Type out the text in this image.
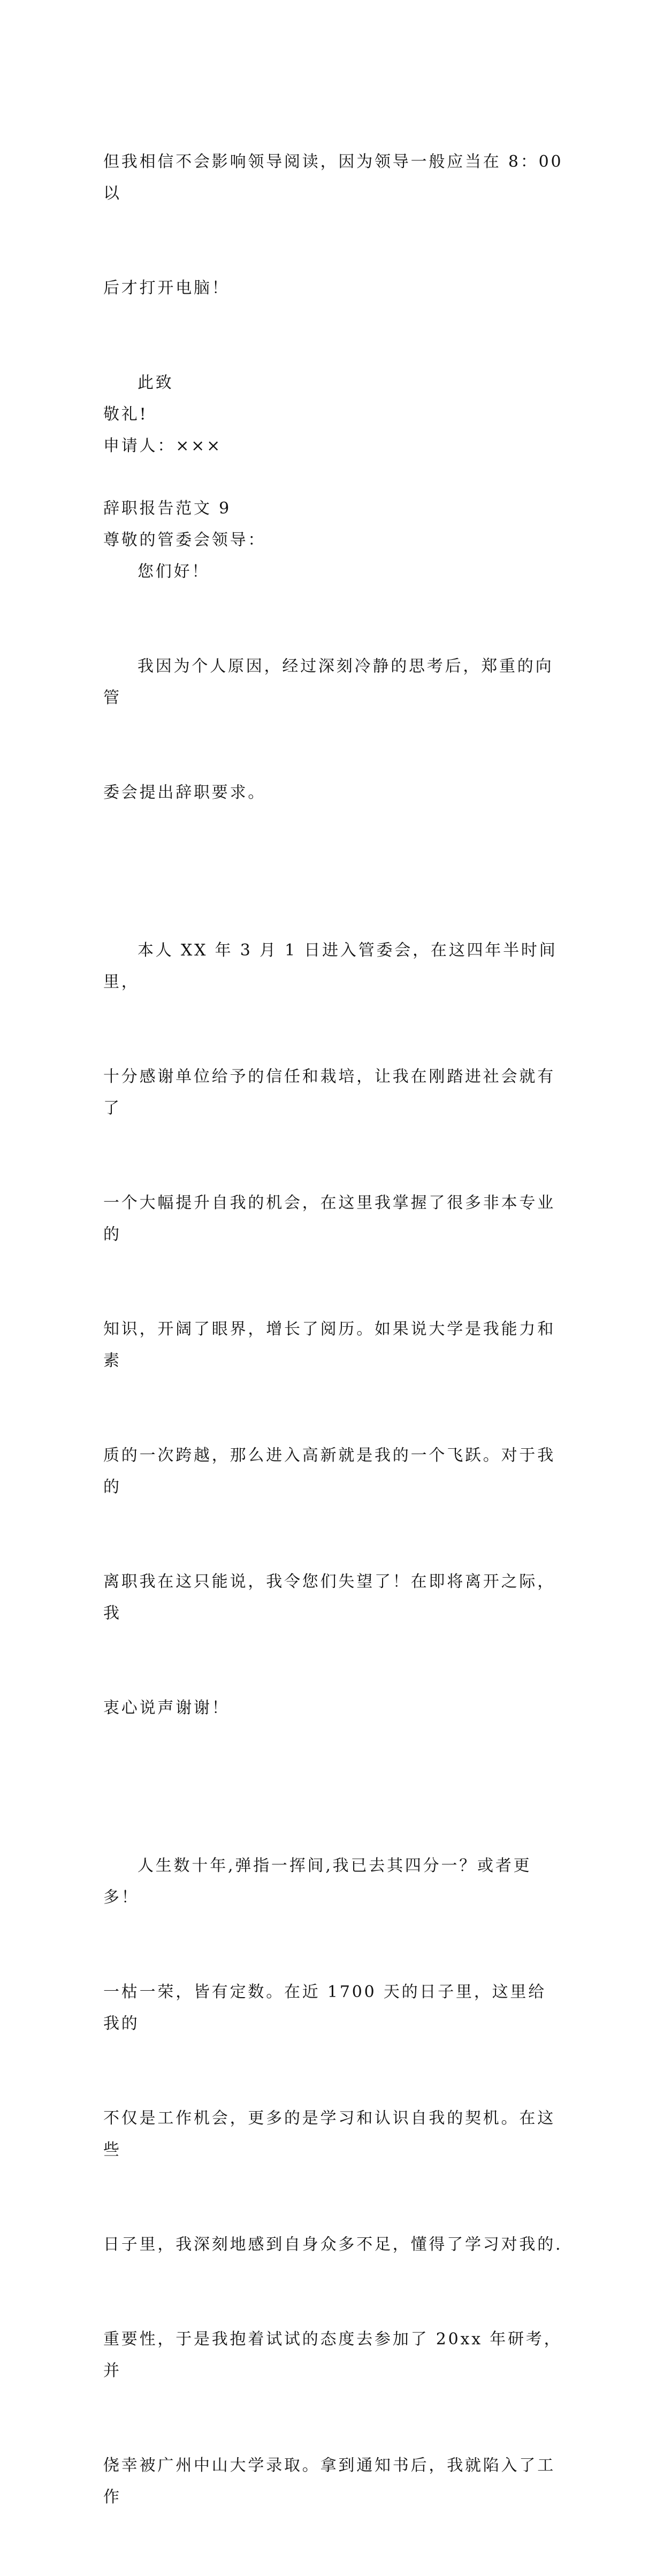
但我相信不会影响领导阅读，因为领导一般应当在 8：00 以

后才打开电脑！

此致

敬礼!

申请人：×××

辞职报告范文 9

尊敬的管委会领导：

您们好！

我因为个人原因，经过深刻冷静的思考后，郑重的向管

委会提出辞职要求。

本人 XX 年 3 月 1 日进入管委会，在这四年半时间里，

十分感谢单位给予的信任和栽培，让我在刚踏进社会就有了

一个大幅提升自我的机会，在这里我掌握了很多非本专业的

知识，开阔了眼界，增长了阅历。如果说大学是我能力和素

质的一次跨越，那么进入高新就是我的一个飞跃。对于我的

离职我在这只能说，我令您们失望了！在即将离开之际，我

衷心说声谢谢！

人生数十年,弹指一挥间,我已去其四分一？或者更多！

一枯一荣，皆有定数。在近 1700 天的日子里，这里给我的

不仅是工作机会，更多的是学习和认识自我的契机。在这些

日子里，我深刻地感到自身众多不足，懂得了学习对我的.

重要性，于是我抱着试试的态度去参加了 20xx 年研考，并

侥幸被广州中山大学录取。拿到通知书后，我就陷入了工作
